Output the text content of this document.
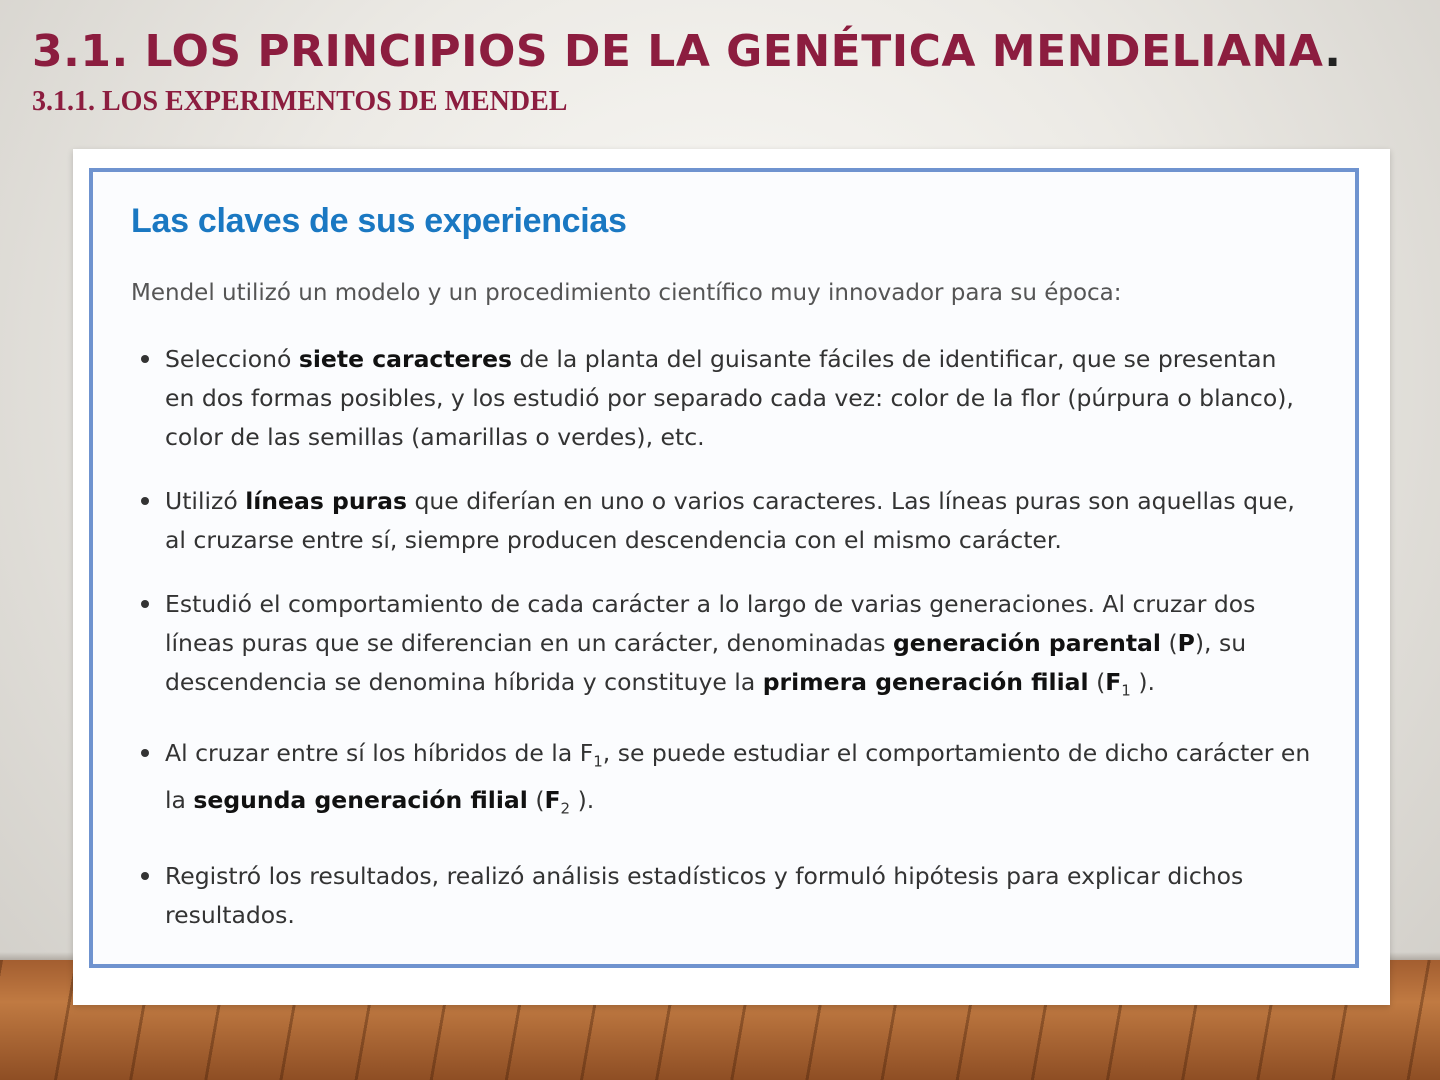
3.1. LOS PRINCIPIOS DE LA GENÉTICA MENDELIANA.
3.1.1. LOS EXPERIMENTOS DE MENDEL
Las claves de sus experiencias

Mendel utilizó un modelo y un procedimiento científico muy innovador para su época:

Seleccionó siete caracteres de la planta del guisante fáciles de identificar, que se presentan en dos formas posibles, y los estudió por separado cada vez: color de la flor (púrpura o blanco), color de las semillas (amarillas o verdes), etc.
Utilizó líneas puras que diferían en uno o varios caracteres. Las líneas puras son aquellas que, al cruzarse entre sí, siempre producen descendencia con el mismo carácter.
Estudió el comportamiento de cada carácter a lo largo de varias generaciones. Al cruzar dos líneas puras que se diferencian en un carácter, denominadas generación parental (P), su descendencia se denomina híbrida y constituye la primera generación filial ($F_1$ ).
Al cruzar entre sí los híbridos de la $F_1$, se puede estudiar el comportamiento de dicho carácter en la segunda generación filial ($F_2$ ).
Registró los resultados, realizó análisis estadísticos y formuló hipótesis para explicar dichos resultados.
